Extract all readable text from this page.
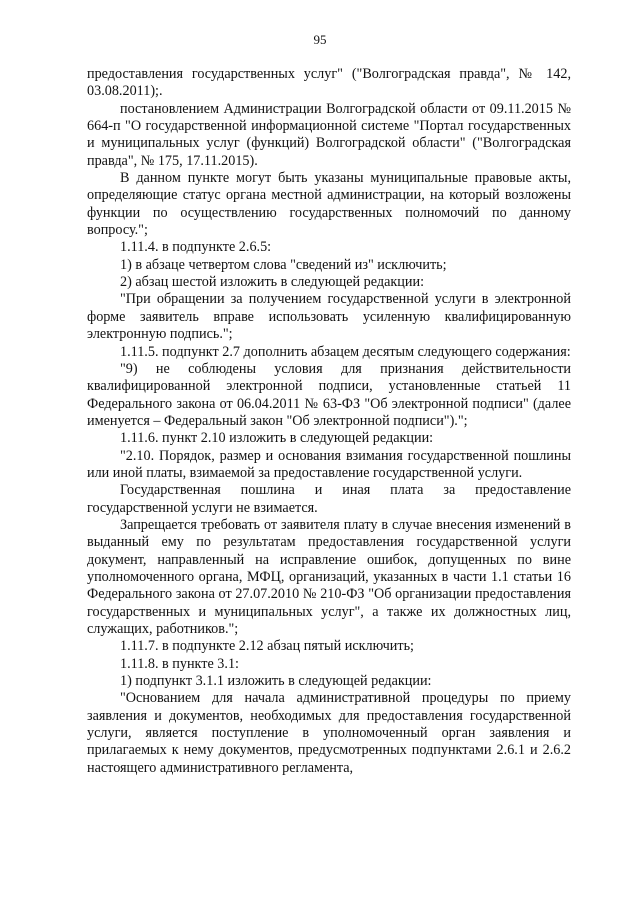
95

предоставления государственных услуг" ("Волгоградская правда", № 142, 03.08.2011);.

постановлением Администрации Волгоградской области от 09.11.2015 № 664-п "О государственной информационной системе "Портал государственных и муниципальных услуг (функций) Волгоградской области" ("Волгоградская правда", № 175, 17.11.2015).

В данном пункте могут быть указаны муниципальные правовые акты, определяющие статус органа местной администрации, на который возложены функции по осуществлению государственных полномочий по данному вопросу.";

1.11.4. в подпункте 2.6.5:

1) в абзаце четвертом слова "сведений из" исключить;

2) абзац шестой изложить в следующей редакции:

"При обращении за получением государственной услуги в электронной форме заявитель вправе использовать усиленную квалифицированную электронную подпись.";

1.11.5. подпункт 2.7 дополнить абзацем десятым следующего содержания:

"9) не соблюдены условия для признания действительности квалифицированной электронной подписи, установленные статьей 11 Федерального закона от 06.04.2011 № 63-ФЗ "Об электронной подписи" (далее именуется – Федеральный закон "Об электронной подписи").";

1.11.6. пункт 2.10 изложить в следующей редакции:

"2.10. Порядок, размер и основания взимания государственной пошлины или иной платы, взимаемой за предоставление государственной услуги.

Государственная пошлина и иная плата за предоставление государственной услуги не взимается.

Запрещается требовать от заявителя плату в случае внесения изменений в выданный ему по результатам предоставления государственной услуги документ, направленный на исправление ошибок, допущенных по вине уполномоченного органа, МФЦ, организаций, указанных в части 1.1 статьи 16 Федерального закона от 27.07.2010 № 210-ФЗ "Об организации предоставления государственных и муниципальных услуг", а также их должностных лиц, служащих, работников.";

1.11.7. в подпункте 2.12 абзац пятый исключить;

1.11.8. в пункте 3.1:

1) подпункт 3.1.1 изложить в следующей редакции:

"Основанием для начала административной процедуры по приему заявления и документов, необходимых для предоставления государственной услуги, является поступление в уполномоченный орган заявления и прилагаемых к нему документов, предусмотренных подпунктами 2.6.1 и 2.6.2 настоящего административного регламента,
